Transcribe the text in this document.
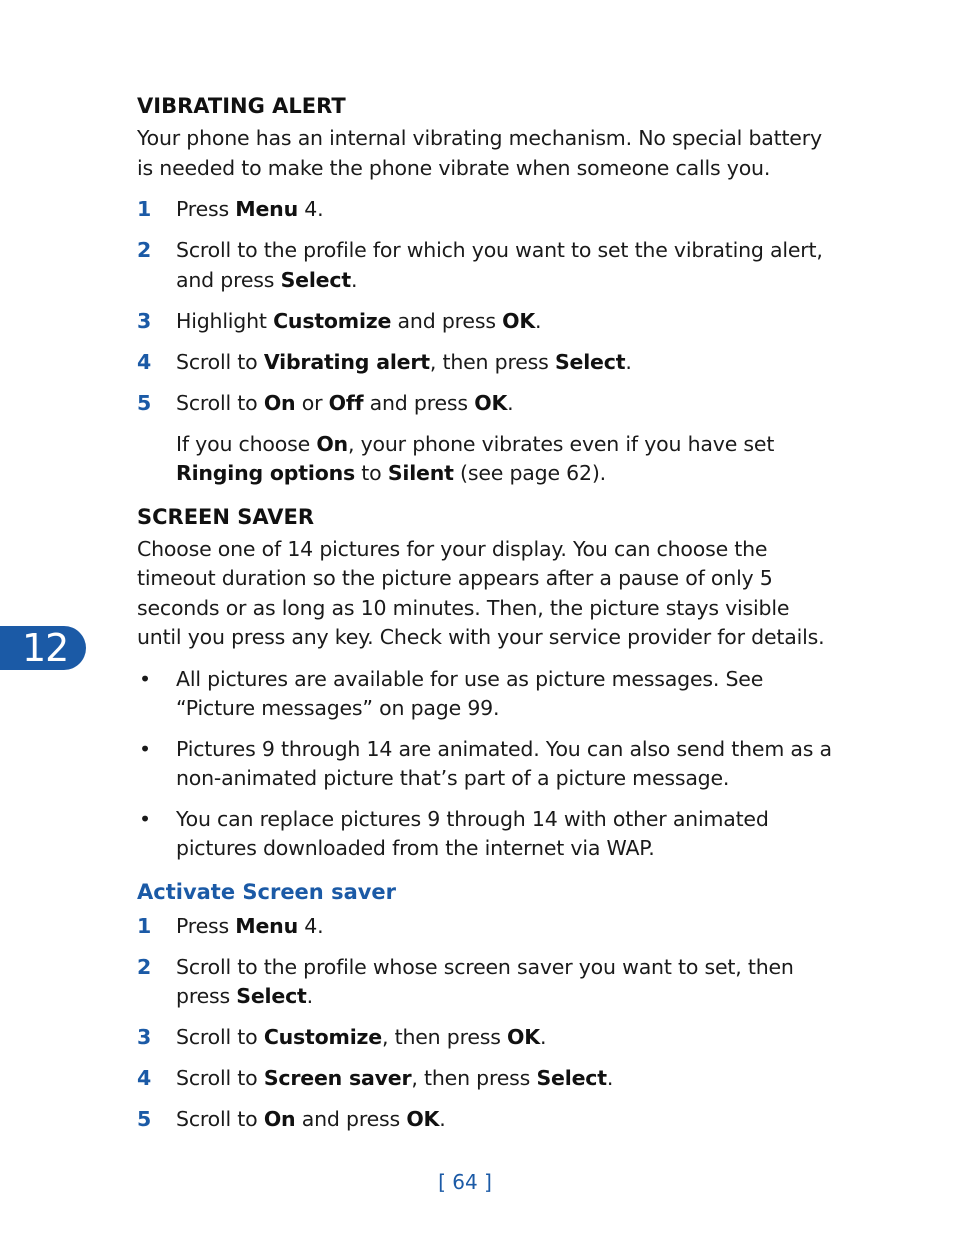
12
VIBRATING ALERT

Your phone has an internal vibrating mechanism. No special battery is needed to make the phone vibrate when someone calls you.

1 Press Menu 4.
2 Scroll to the profile for which you want to set the vibrating alert, and press Select.
3 Highlight Customize and press OK.
4 Scroll to Vibrating alert, then press Select.
5 Scroll to On or Off and press OK.
If you choose On, your phone vibrates even if you have set Ringing options to Silent (see page 62).
SCREEN SAVER

Choose one of 14 pictures for your display. You can choose the timeout duration so the picture appears after a pause of only 5 seconds or as long as 10 minutes. Then, the picture stays visible until you press any key. Check with your service provider for details.

• All pictures are available for use as picture messages. See “Picture messages” on page 99.
• Pictures 9 through 14 are animated. You can also send them as a non-animated picture that’s part of a picture message.
• You can replace pictures 9 through 14 with other animated pictures downloaded from the internet via WAP.
Activate Screen saver
1 Press Menu 4.
2 Scroll to the profile whose screen saver you want to set, then press Select.
3 Scroll to Customize, then press OK.
4 Scroll to Screen saver, then press Select.
5 Scroll to On and press OK.
[ 64 ]
